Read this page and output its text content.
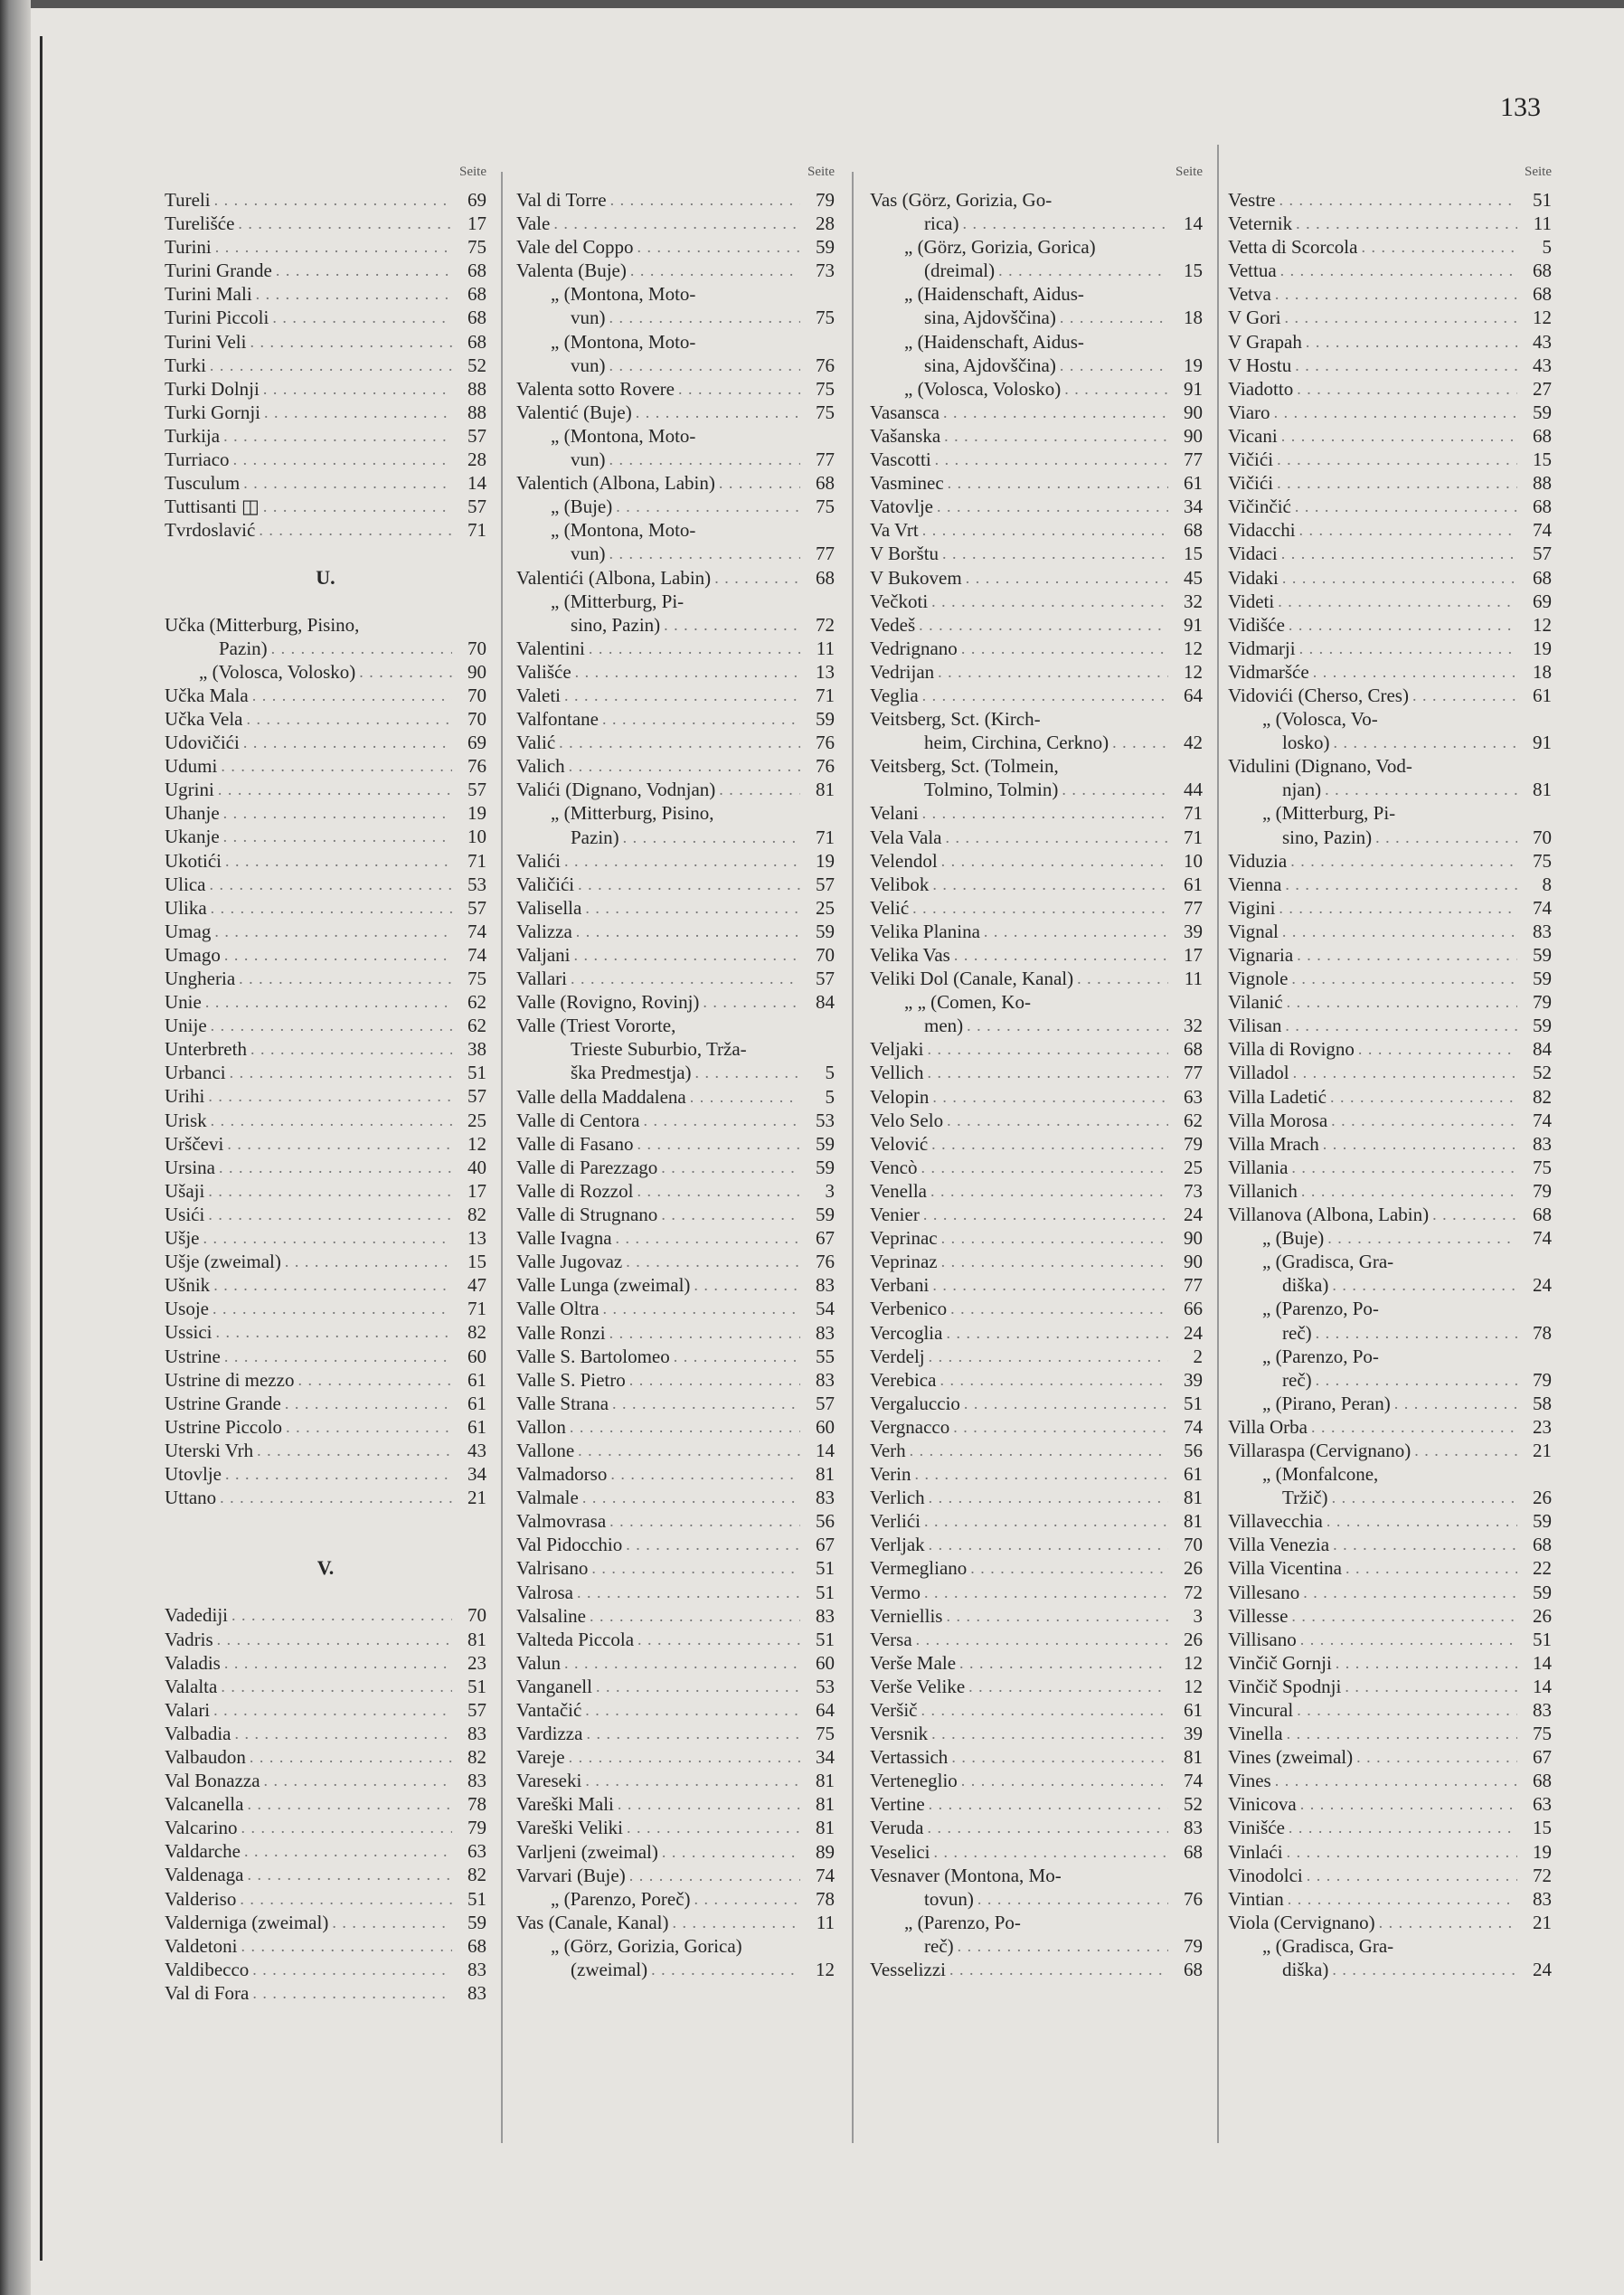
133
Seite
Tureli . . .	69
Turelišće . . .	17
Turini . . .	75
Turini Grande . . .	68
Turini Mali . . .	68
Turini Piccoli . . .	68
Turini Veli . . .	68
Turki . . .	52
Turki Dolnji . . .	88
Turki Gornji . . .	88
Turkija . . .	57
Turriaco . . .	28
Tusculum . . .	14
Tuttisanti ◫ . . .	57
Tvrdoslavić . . .	71
U.
Učka (Mitterburg, Pisino,
Pazin) . . .	70
„ (Volosca, Volosko) . . .	90
Učka Mala . . .	70
Učka Vela . . .	70
Udovičići . . .	69
Udumi . . .	76
Ugrini . . .	57
Uhanje . . .	19
Ukanje . . .	10
Ukotići . . .	71
Ulica . . .	53
Ulika . . .	57
Umag . . .	74
Umago . . .	74
Ungheria . . .	75
Unie . . .	62
Unije . . .	62
Unterbreth . . .	38
Urbanci . . .	51
Urihi . . .	57
Urisk . . .	25
Urščevi . . .	12
Ursina . . .	40
Ušaji . . .	17
Usići . . .	82
Ušje . . .	13
Ušje (zweimal) . . .	15
Ušnik . . .	47
Usoje . . .	71
Ussici . . .	82
Ustrine . . .	60
Ustrine di mezzo . . .	61
Ustrine Grande . . .	61
Ustrine Piccolo . . .	61
Uterski Vrh . . .	43
Utovlje . . .	34
Uttano . . .	21
V.
Vadediji . . .	70
Vadris . . .	81
Valadis . . .	23
Valalta . . .	51
Valari . . .	57
Valbadia . . .	83
Valbaudon . . .	82
Val Bonazza . . .	83
Valcanella . . .	78
Valcarino . . .	79
Valdarche . . .	63
Valdenaga . . .	82
Valderiso . . .	51
Valderniga (zweimal) . . .	59
Valdetoni . . .	68
Valdibecco . . .	83
Val di Fora . . .	83
Seite
Val di Torre . . .	79
Vale . . .	28
Vale del Coppo . . .	59
Valenta (Buje) . . .	73
„ (Montona, Moto-
vun) . . .	75
„ (Montona, Moto-
vun) . . .	76
Valenta sotto Rovere . . .	75
Valentić (Buje) . . .	75
„ (Montona, Moto-
vun) . . .	77
Valentich (Albona, Labin) . . .	68
„ (Buje) . . .	75
„ (Montona, Moto-
vun) . . .	77
Valentići (Albona, Labin) . . .	68
„ (Mitterburg, Pi-
sino, Pazin) . . .	72
Valentini . . .	11
Vališće . . .	13
Valeti . . .	71
Valfontane . . .	59
Valić . . .	76
Valich . . .	76
Valići (Dignano, Vodnjan) . . .	81
„ (Mitterburg, Pisino,
Pazin) . . .	71
Valići . . .	19
Valičići . . .	57
Valisella . . .	25
Valizza . . .	59
Valjani . . .	70
Vallari . . .	57
Valle (Rovigno, Rovinj) . . .	84
Valle (Triest Vororte,
Trieste Suburbio, Trža-
ška Predmestja) . . .	5
Valle della Maddalena . . .	5
Valle di Centora . . .	53
Valle di Fasano . . .	59
Valle di Parezzago . . .	59
Valle di Rozzol . . .	3
Valle di Strugnano . . .	59
Valle Ivagna . . .	67
Valle Jugovaz . . .	76
Valle Lunga (zweimal) . . .	83
Valle Oltra . . .	54
Valle Ronzi . . .	83
Valle S. Bartolomeo . . .	55
Valle S. Pietro . . .	83
Valle Strana . . .	57
Vallon . . .	60
Vallone . . .	14
Valmadorso . . .	81
Valmale . . .	83
Valmovrasa . . .	56
Val Pidocchio . . .	67
Valrisano . . .	51
Valrosa . . .	51
Valsaline . . .	83
Valteda Piccola . . .	51
Valun . . .	60
Vanganell . . .	53
Vantačić . . .	64
Vardizza . . .	75
Vareje . . .	34
Vareseki . . .	81
Vareški Mali . . .	81
Vareški Veliki . . .	81
Varljeni (zweimal) . . .	89
Varvari (Buje) . . .	74
„ (Parenzo, Poreč) . . .	78
Vas (Canale, Kanal) . . .	11
„ (Görz, Gorizia, Gorica)
(zweimal) . . .	12
Seite
Vas (Görz, Gorizia, Go-
rica) . . .	14
„ (Görz, Gorizia, Gorica)
(dreimal) . . .	15
„ (Haidenschaft, Aidus-
sina, Ajdovščina) . . .	18
„ (Haidenschaft, Aidus-
sina, Ajdovščina) . . .	19
„ (Volosca, Volosko) . . .	91
Vasansca . . .	90
Vašanska . . .	90
Vascotti . . .	77
Vasminec . . .	61
Vatovlje . . .	34
Va Vrt . . .	68
V Borštu . . .	15
V Bukovem . . .	45
Večkoti . . .	32
Vedeš . . .	91
Vedrignano . . .	12
Vedrijan . . .	12
Veglia . . .	64
Veitsberg, Sct. (Kirch-
heim, Circhina, Cerkno) . . .	42
Veitsberg, Sct. (Tolmein,
Tolmino, Tolmin) . . .	44
Velani . . .	71
Vela Vala . . .	71
Velendol . . .	10
Velibok . . .	61
Velić . . .	77
Velika Planina . . .	39
Velika Vas . . .	17
Veliki Dol (Canale, Kanal) . . .	11
„ „ (Comen, Ko-
men) . . .	32
Veljaki . . .	68
Vellich . . .	77
Velopin . . .	63
Velo Selo . . .	62
Velović . . .	79
Vencò . . .	25
Venella . . .	73
Venier . . .	24
Veprinac . . .	90
Veprinaz . . .	90
Verbani . . .	77
Verbenico . . .	66
Vercoglia . . .	24
Verdelj . . .	2
Verebica . . .	39
Vergaluccio . . .	51
Vergnacco . . .	74
Verh . . .	56
Verin . . .	61
Verlich . . .	81
Verlići . . .	81
Verljak . . .	70
Vermegliano . . .	26
Vermo . . .	72
Verniellis . . .	3
Versa . . .	26
Verše Male . . .	12
Verše Velike . . .	12
Veršič . . .	61
Versnik . . .	39
Vertassich . . .	81
Verteneglio . . .	74
Vertine . . .	52
Veruda . . .	83
Veselici . . .	68
Vesnaver (Montona, Mo-
tovun) . . .	76
„ (Parenzo, Po-
reč) . . .	79
Vesselizzi . . .	68
Seite
Vestre . . .	51
Veternik . . .	11
Vetta di Scorcola . . .	5
Vettua . . .	68
Vetva . . .	68
V Gori . . .	12
V Grapah . . .	43
V Hostu . . .	43
Viadotto . . .	27
Viaro . . .	59
Vicani . . .	68
Vičići . . .	15
Vičići . . .	88
Vičinčić . . .	68
Vidacchi . . .	74
Vidaci . . .	57
Vidaki . . .	68
Videti . . .	69
Vidišće . . .	12
Vidmarji . . .	19
Vidmaršće . . .	18
Vidovići (Cherso, Cres) . . .	61
„ (Volosca, Vo-
losko) . . .	91
Vidulini (Dignano, Vod-
njan) . . .	81
„ (Mitterburg, Pi-
sino, Pazin) . . .	70
Viduzia . . .	75
Vienna . . .	8
Vigini . . .	74
Vignal . . .	83
Vignaria . . .	59
Vignole . . .	59
Vilanić . . .	79
Vilisan . . .	59
Villa di Rovigno . . .	84
Villadol . . .	52
Villa Ladetić . . .	82
Villa Morosa . . .	74
Villa Mrach . . .	83
Villania . . .	75
Villanich . . .	79
Villanova (Albona, Labin) . . .	68
„ (Buje) . . .	74
„ (Gradisca, Gra-
diška) . . .	24
„ (Parenzo, Po-
reč) . . .	78
„ (Parenzo, Po-
reč) . . .	79
„ (Pirano, Peran) . . .	58
Villa Orba . . .	23
Villaraspa (Cervignano) . . .	21
„ (Monfalcone,
Tržič) . . .	26
Villavecchia . . .	59
Villa Venezia . . .	68
Villa Vicentina . . .	22
Villesano . . .	59
Villesse . . .	26
Villisano . . .	51
Vinčič Gornji . . .	14
Vinčič Spodnji . . .	14
Vincural . . .	83
Vinella . . .	75
Vines (zweimal) . . .	67
Vines . . .	68
Vinicova . . .	63
Vinišće . . .	15
Vinlaći . . .	19
Vinodolci . . .	72
Vintian . . .	83
Viola (Cervignano) . . .	21
„ (Gradisca, Gra-
diška) . . .	24
